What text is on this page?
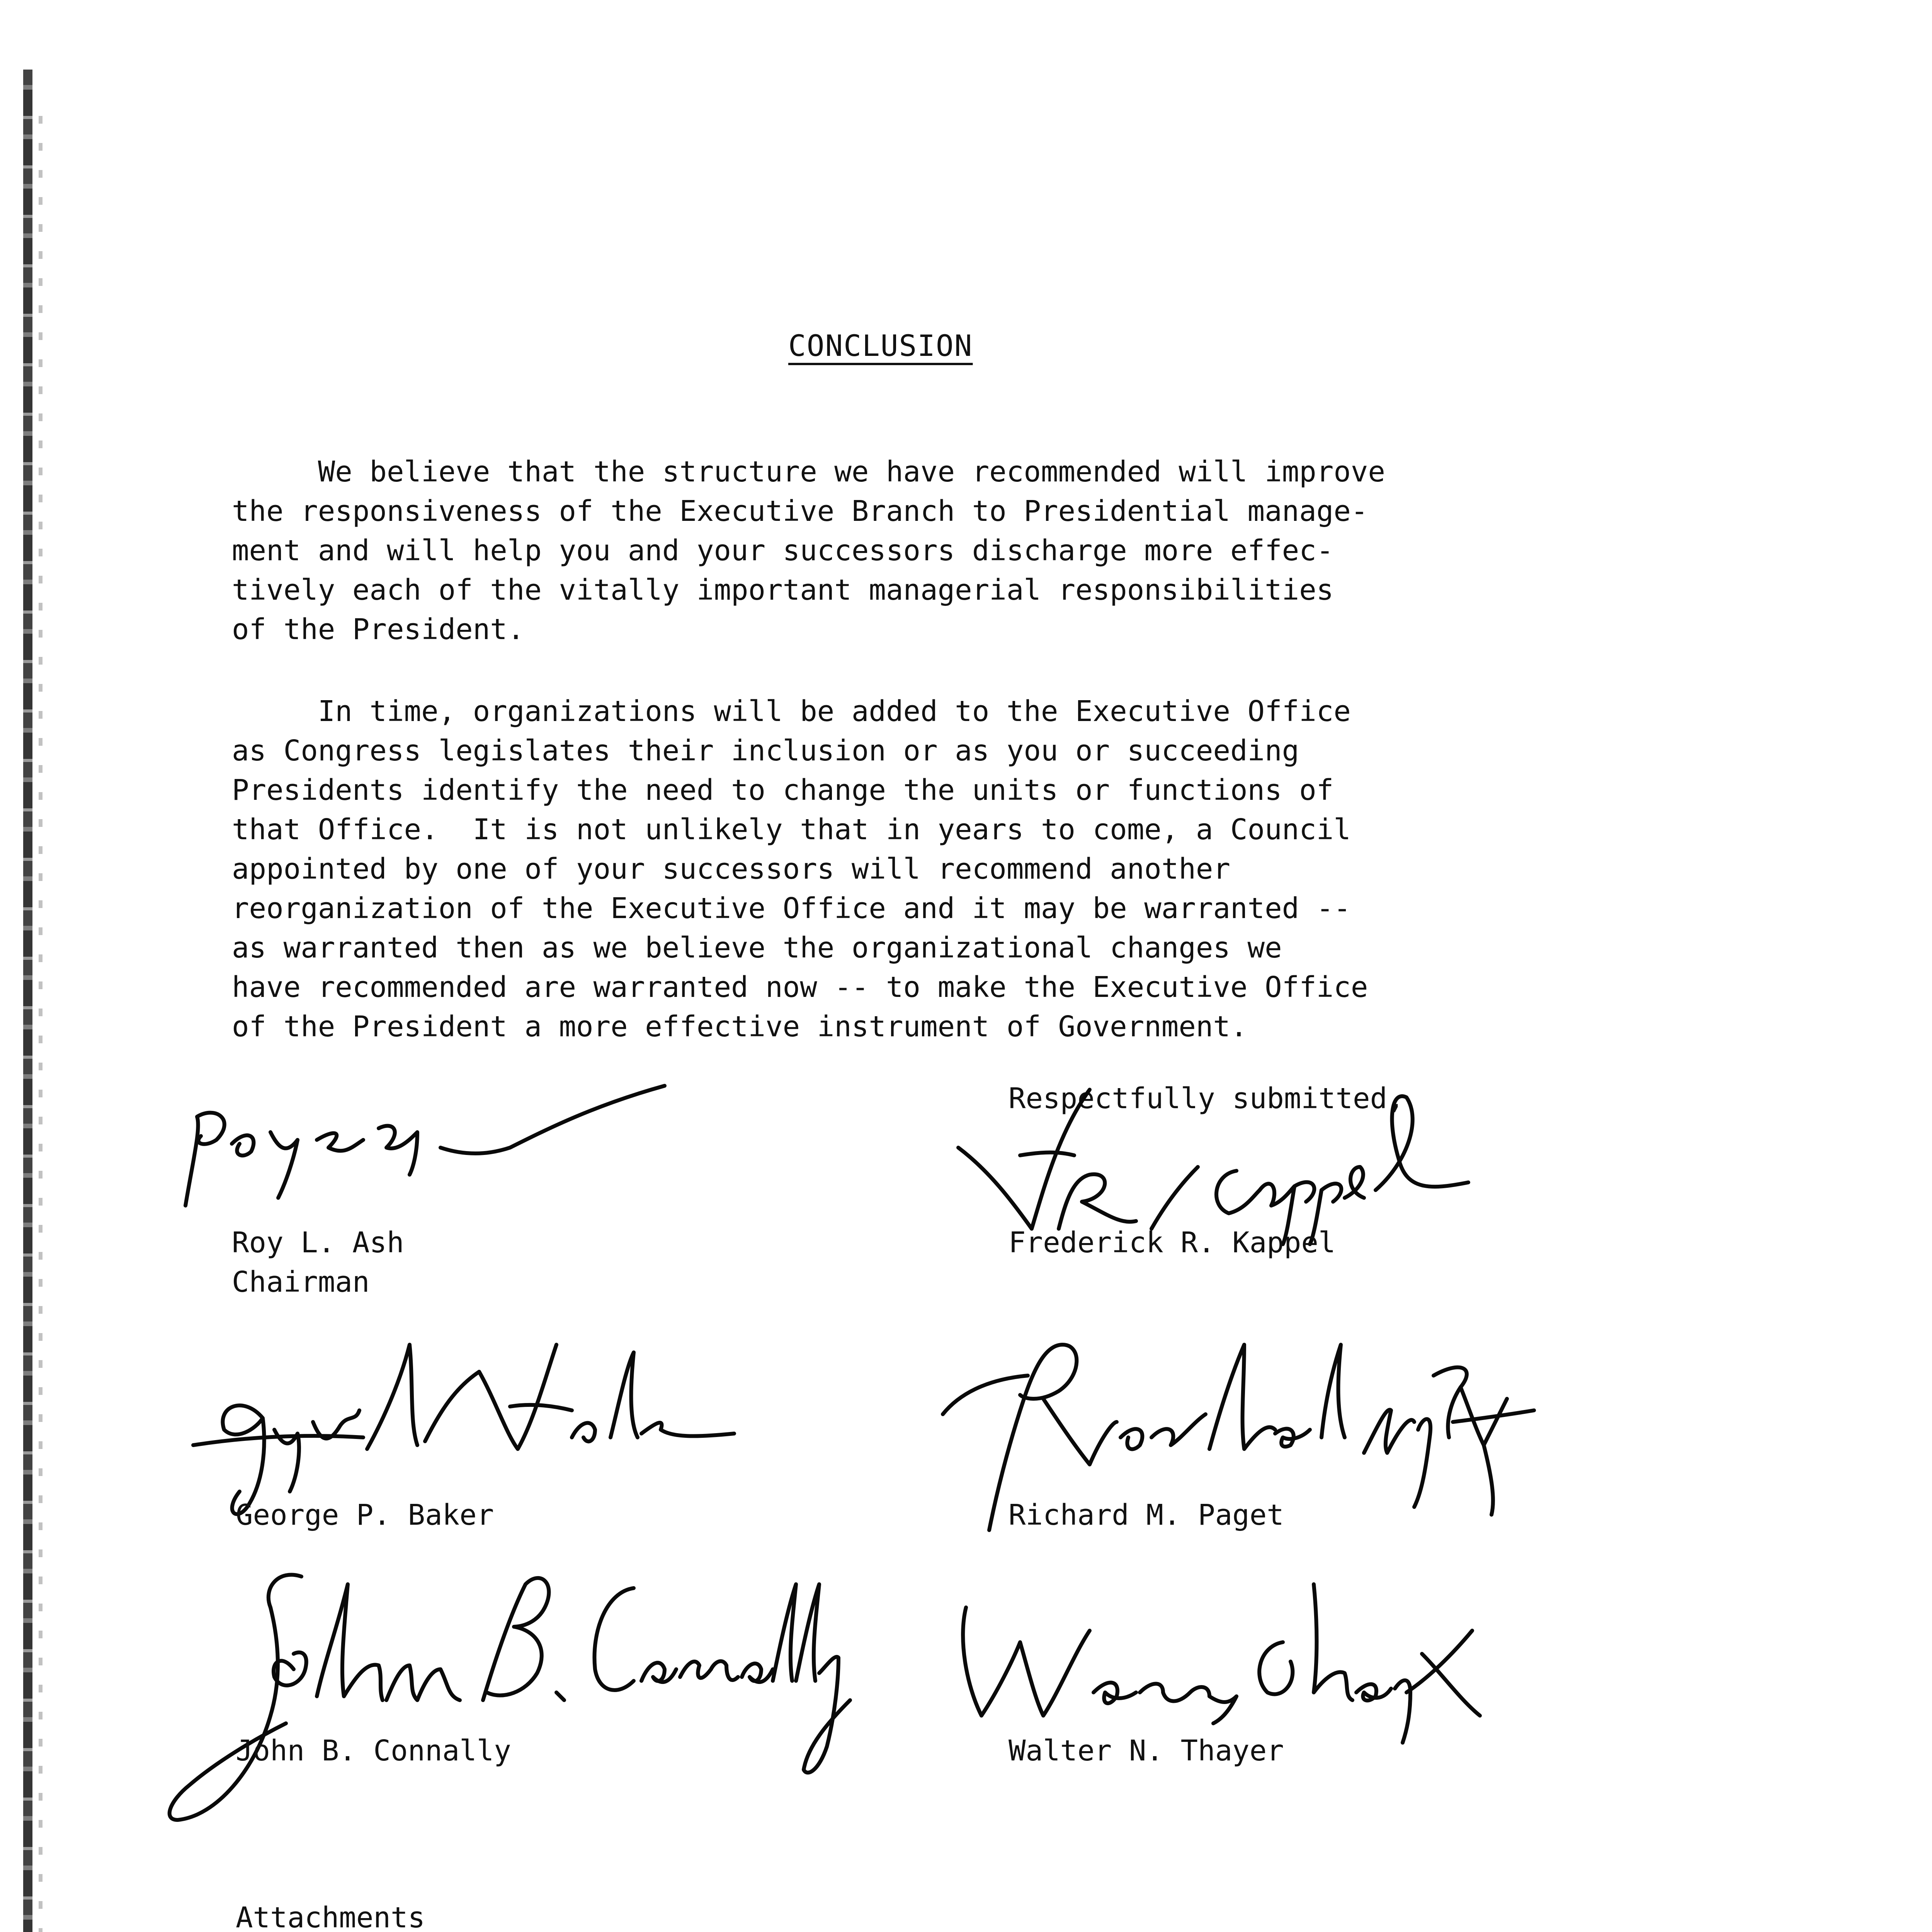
CONCLUSION

We believe that the structure we have recommended will improve
the responsiveness of the Executive Branch to Presidential manage-
ment and will help you and your successors discharge more effec-
tively each of the vitally important managerial responsibilities
of the President.

In time, organizations will be added to the Executive Office
as Congress legislates their inclusion or as you or succeeding
Presidents identify the need to change the units or functions of
that Office.  It is not unlikely that in years to come, a Council
appointed by one of your successors will recommend another
reorganization of the Executive Office and it may be warranted --
as warranted then as we believe the organizational changes we
have recommended are warranted now -- to make the Executive Office
of the President a more effective instrument of Government.

Respectfully submitted,
Roy L. Ash
Chairman
Frederick R. Kappel
George P. Baker	Richard M. Paget
John B. Connally	Walter N. Thayer
Attachments
